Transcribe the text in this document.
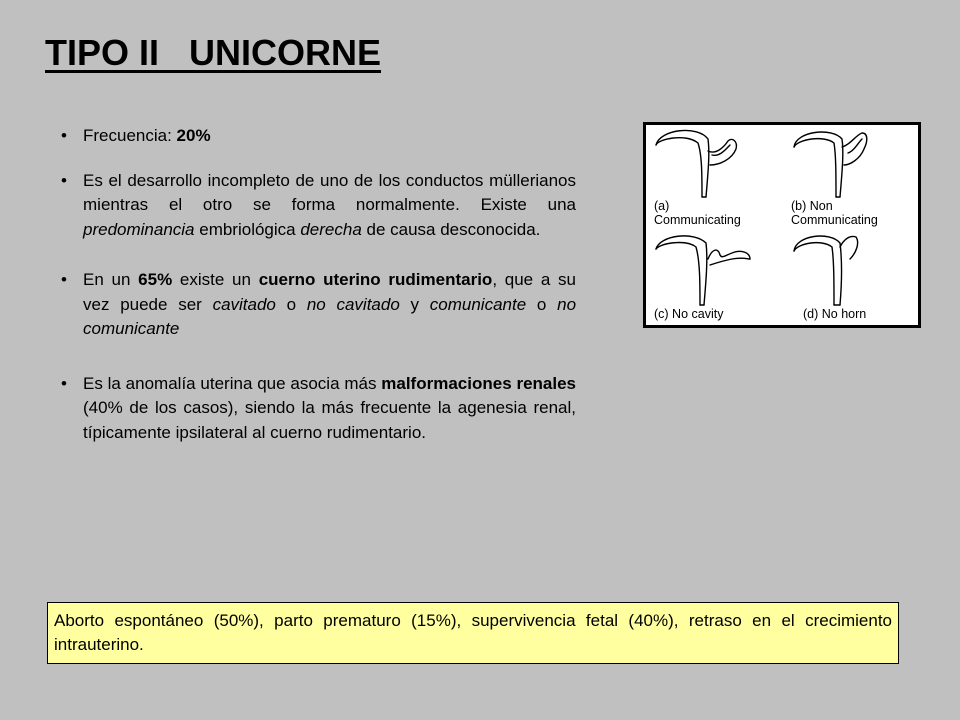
TIPO II   UNICORNE
• Frecuencia: 20%
• Es el desarrollo incompleto de uno de los conductos müllerianos mientras el otro se forma normalmente. Existe una predominancia embriológica derecha de causa desconocida.
• En un 65% existe un cuerno uterino rudimentario, que a su vez puede ser cavitado o no cavitado y comunicante o no comunicante
• Es la anomalía uterina que asocia más malformaciones renales (40% de los casos), siendo la más frecuente la agenesia renal, típicamente ipsilateral al cuerno rudimentario.
(a)
Communicating
(b) Non
Communicating
(c) No cavity	(d) No horn
Aborto espontáneo (50%), parto prematuro (15%), supervivencia fetal (40%), retraso en el crecimiento intrauterino.
